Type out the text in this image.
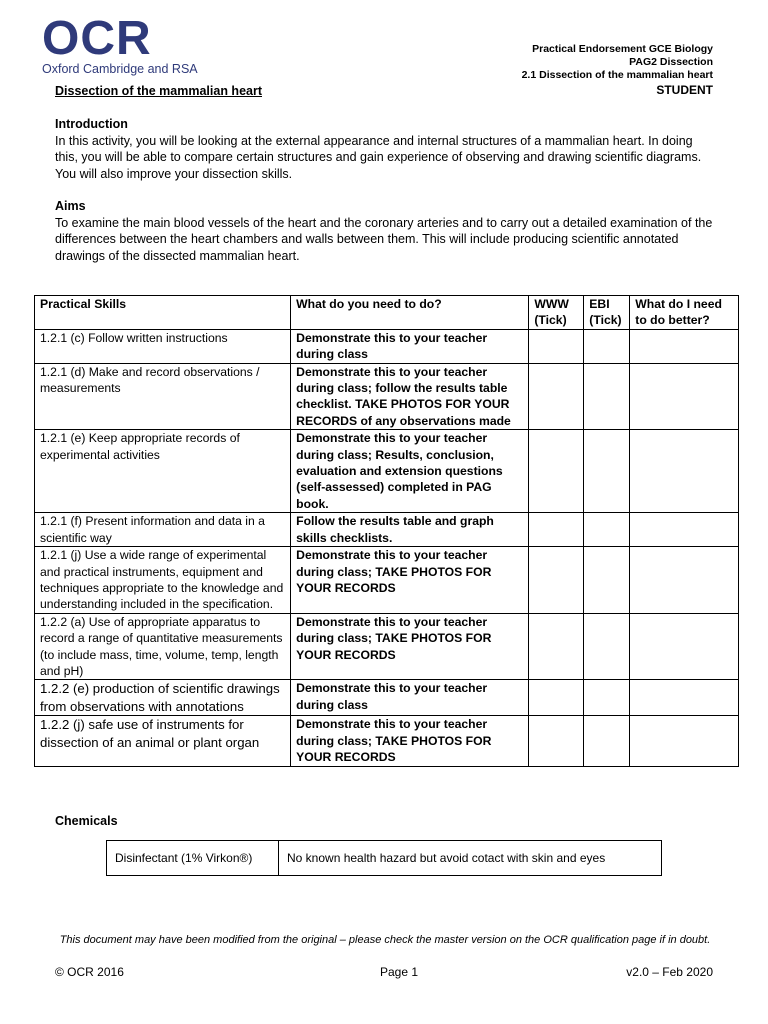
OCR
Oxford Cambridge and RSA
Practical Endorsement GCE Biology
PAG2 Dissection
2.1 Dissection of the mammalian heart
STUDENT
Dissection of the mammalian heart
Introduction

In this activity, you will be looking at the external appearance and internal structures of a mammalian heart. In doing this, you will be able to compare certain structures and gain experience of observing and drawing scientific diagrams. You will also improve your dissection skills.

Aims

To examine the main blood vessels of the heart and the coronary arteries and to carry out a detailed examination of the differences between the heart chambers and walls between them. This will include producing scientific annotated drawings of the dissected mammalian heart.

Practical Skills	What do you need to do?	WWW (Tick)	EBI (Tick)	What do I need to do better?
1.2.1 (c) Follow written instructions	Demonstrate this to your teacher during class			
1.2.1 (d) Make and record observations / measurements	Demonstrate this to your teacher during class; follow the results table checklist. TAKE PHOTOS FOR YOUR RECORDS of any observations made			
1.2.1 (e) Keep appropriate records of experimental activities	Demonstrate this to your teacher during class; Results, conclusion, evaluation and extension questions (self-assessed) completed in PAG book.			
1.2.1 (f) Present information and data in a scientific way	Follow the results table and graph skills checklists.			
1.2.1 (j) Use a wide range of experimental and practical instruments, equipment and techniques appropriate to the knowledge and understanding included in the specification.	Demonstrate this to your teacher during class; TAKE PHOTOS FOR YOUR RECORDS			
1.2.2 (a) Use of appropriate apparatus to record a range of quantitative measurements (to include mass, time, volume, temp, length and pH)	Demonstrate this to your teacher during class; TAKE PHOTOS FOR YOUR RECORDS			
1.2.2 (e) production of scientific drawings from observations with annotations	Demonstrate this to your teacher during class			
1.2.2 (j) safe use of instruments for dissection of an animal or plant organ	Demonstrate this to your teacher during class; TAKE PHOTOS FOR YOUR RECORDS			
Chemicals
Disinfectant (1% Virkon®)	No known health hazard but avoid cotact with skin and eyes
This document may have been modified from the original – please check the master version on the OCR qualification page if in doubt.
© OCR 2016	Page 1	v2.0 – Feb 2020
